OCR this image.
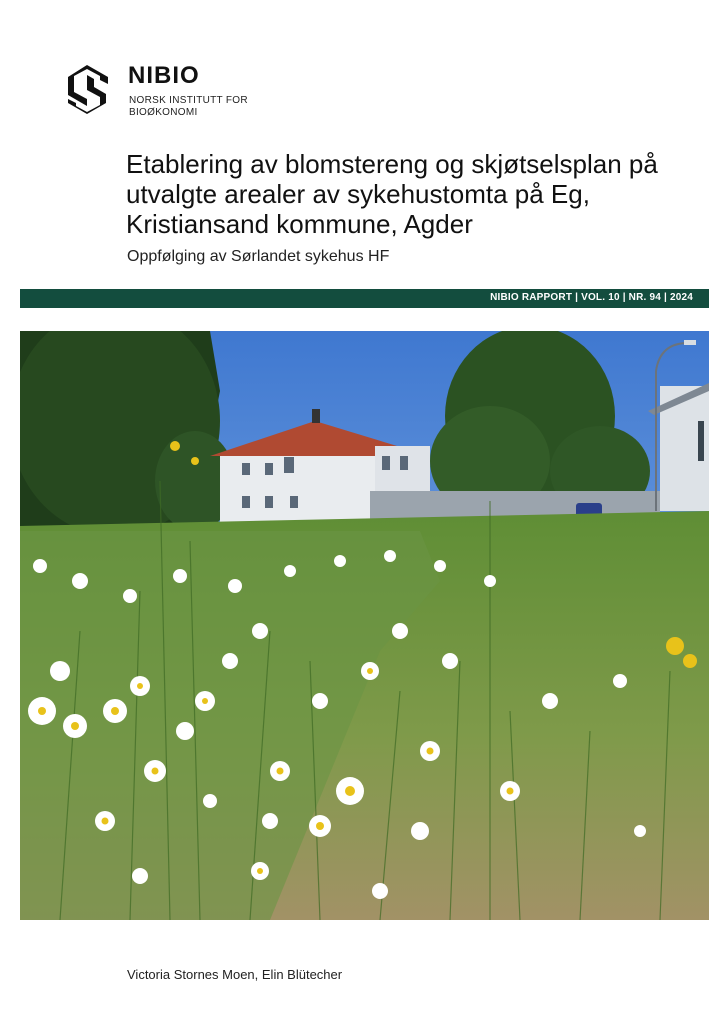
NIBIO
NORSK INSTITUTT FOR
BIOØKONOMI
Etablering av blomstereng og skjøtselsplan på utvalgte arealer av sykehustomta på Eg, Kristiansand kommune, Agder
Oppfølging av Sørlandet sykehus HF
NIBIO RAPPORT | VOL. 10 | NR. 94 | 2024
Victoria Stornes Moen, Elin Blütecher
